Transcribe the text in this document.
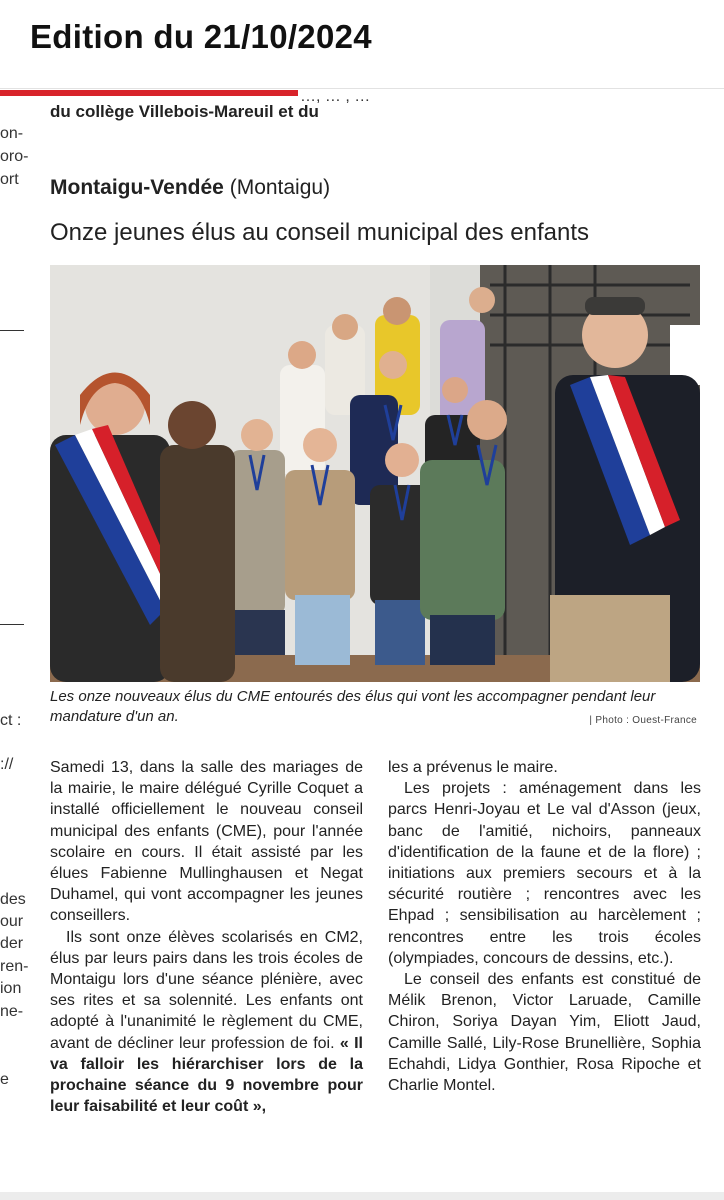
Edition du 21/10/2024
…, … , …
du collège Villebois-Mareuil et du
on-
oro-
ort
ct :
://
des
our
der
ren-
ion
ne-
e
Montaigu-Vendée (Montaigu)
Onze jeunes élus au conseil municipal des enfants
Les onze nouveaux élus du CME entourés des élus qui vont les accompagner pendant leur mandature d'un an.	| Photo : Ouest-France

Samedi 13, dans la salle des mariages de la mairie, le maire délégué Cyrille Coquet a installé officiellement le nouveau conseil municipal des enfants (CME), pour l'année scolaire en cours. Il était assisté par les élues Fabienne Mullinghausen et Negat Duhamel, qui vont accompagner les jeunes conseillers.

Ils sont onze élèves scolarisés en CM2, élus par leurs pairs dans les trois écoles de Montaigu lors d'une séance plénière, avec ses rites et sa solennité. Les enfants ont adopté à l'unanimité le règlement du CME, avant de décliner leur profession de foi. « Il va falloir les hiérarchiser lors de la prochaine séance du 9 novembre pour leur faisabilité et leur coût »,

les a prévenus le maire.

Les projets : aménagement dans les parcs Henri-Joyau et Le val d'Asson (jeux, banc de l'amitié, nichoirs, panneaux d'identification de la faune et de la flore) ; initiations aux premiers secours et à la sécurité routière ; rencontres avec les Ehpad ; sensibilisation au harcèlement ; rencontres entre les trois écoles (olympiades, concours de dessins, etc.).

Le conseil des enfants est constitué de Mélik Brenon, Victor Laruade, Camille Chiron, Soriya Dayan Yim, Eliott Jaud, Camille Sallé, Lily-Rose Brunellière, Sophia Echahdi, Lidya Gonthier, Rosa Ripoche et Charlie Montel.
